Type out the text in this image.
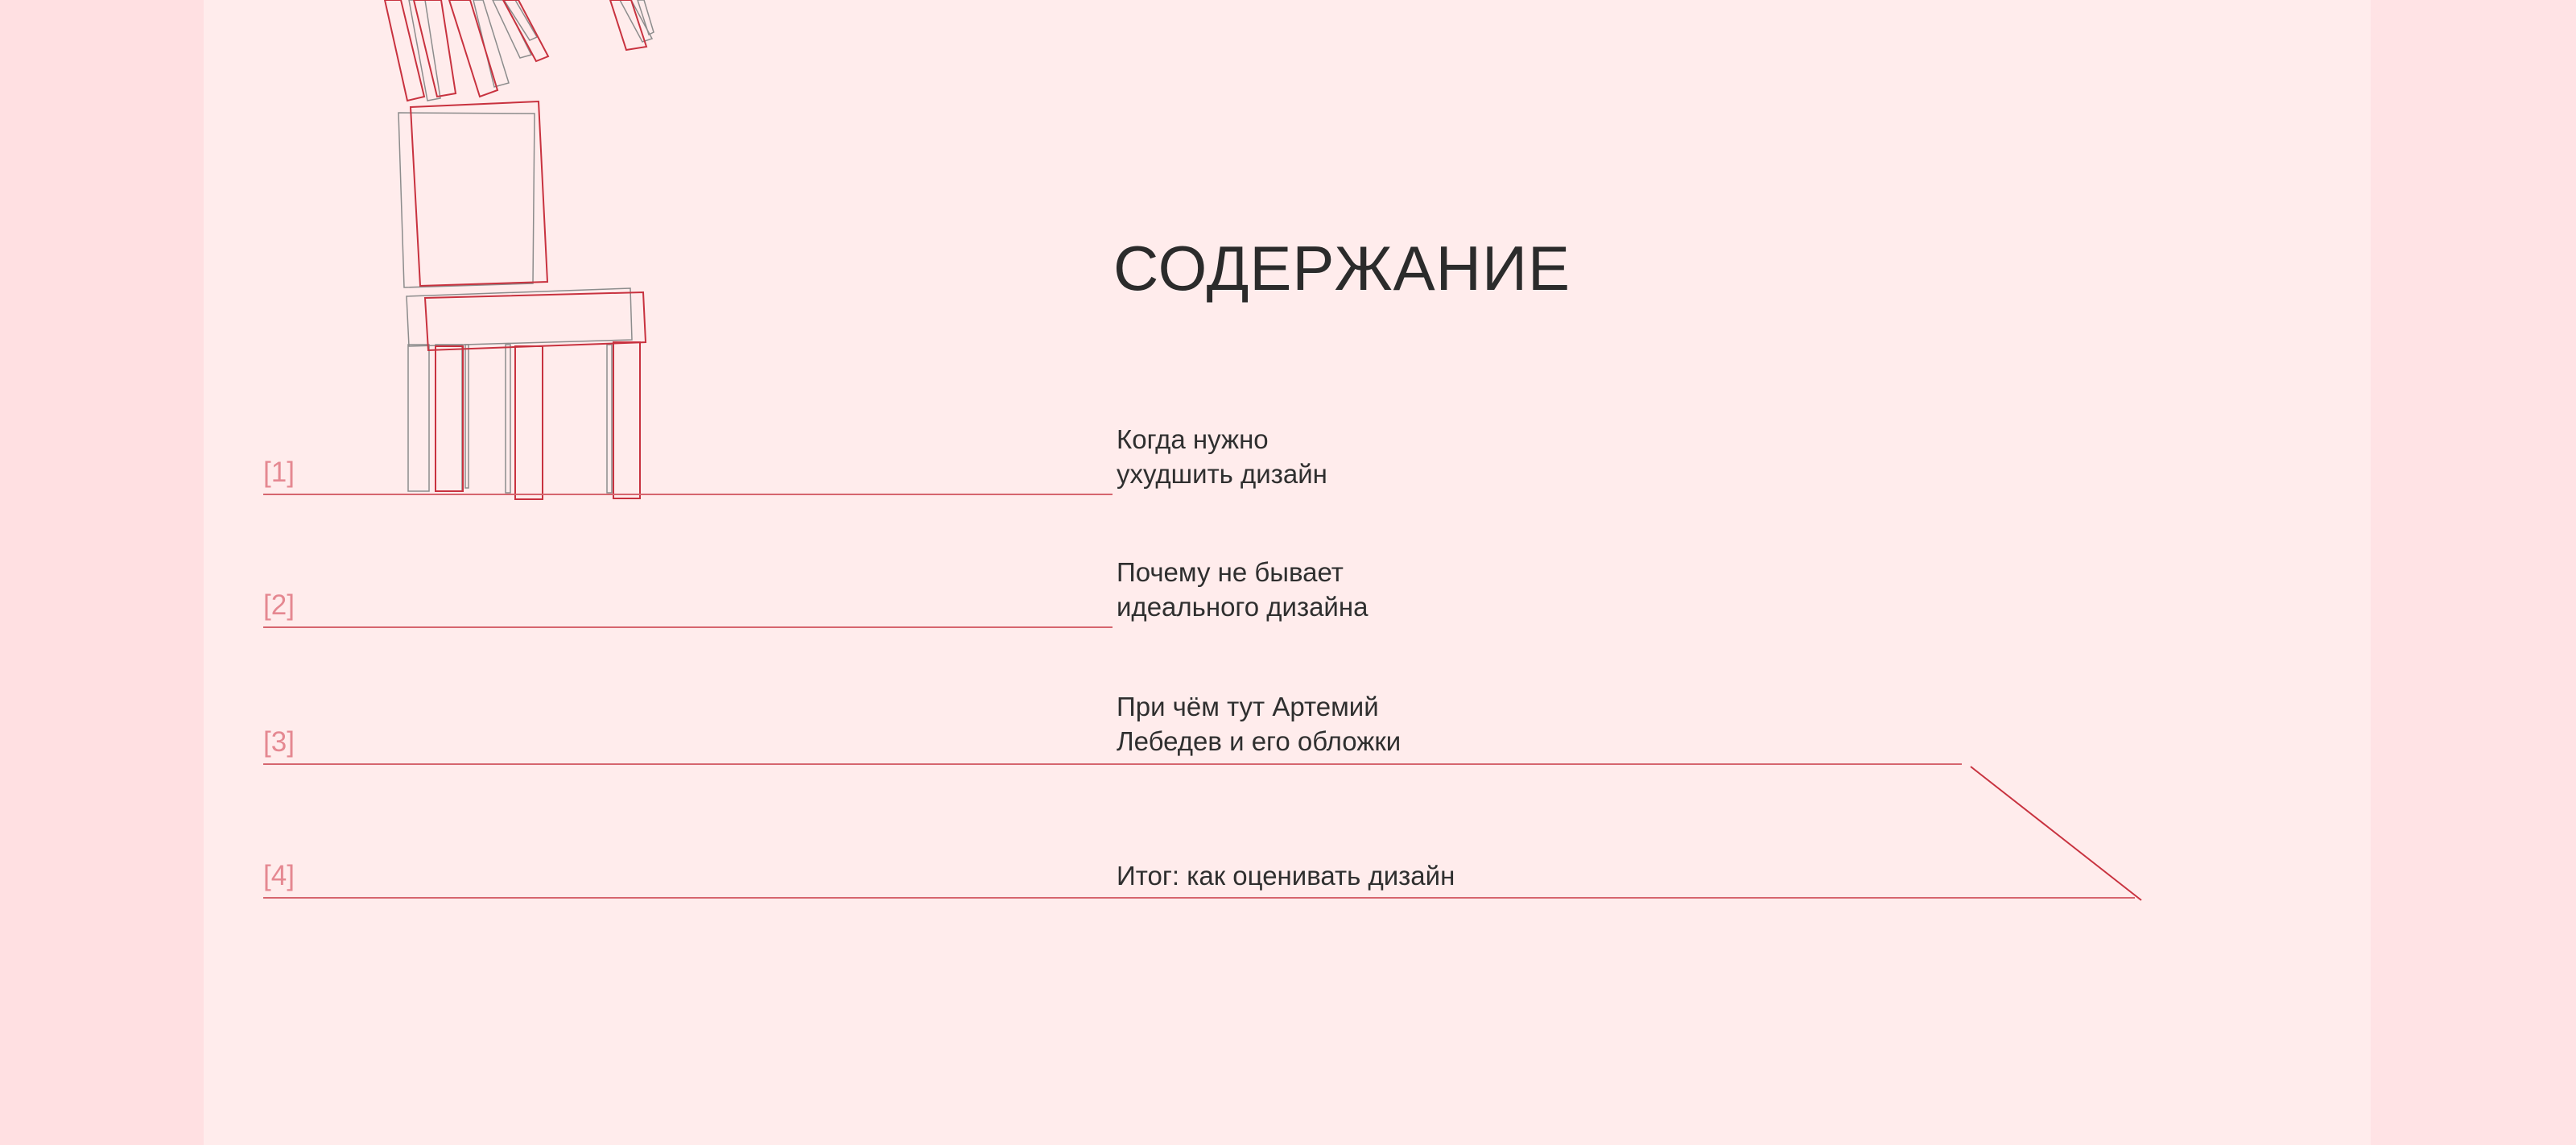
СОДЕРЖАНИЕ
[1]
Когда нужно
ухудшить дизайн
[2]
Почему не бывает
идеального дизайна
[3]
При чём тут Артемий
Лебедев и его обложки
[4]	Итог: как оценивать дизайн
